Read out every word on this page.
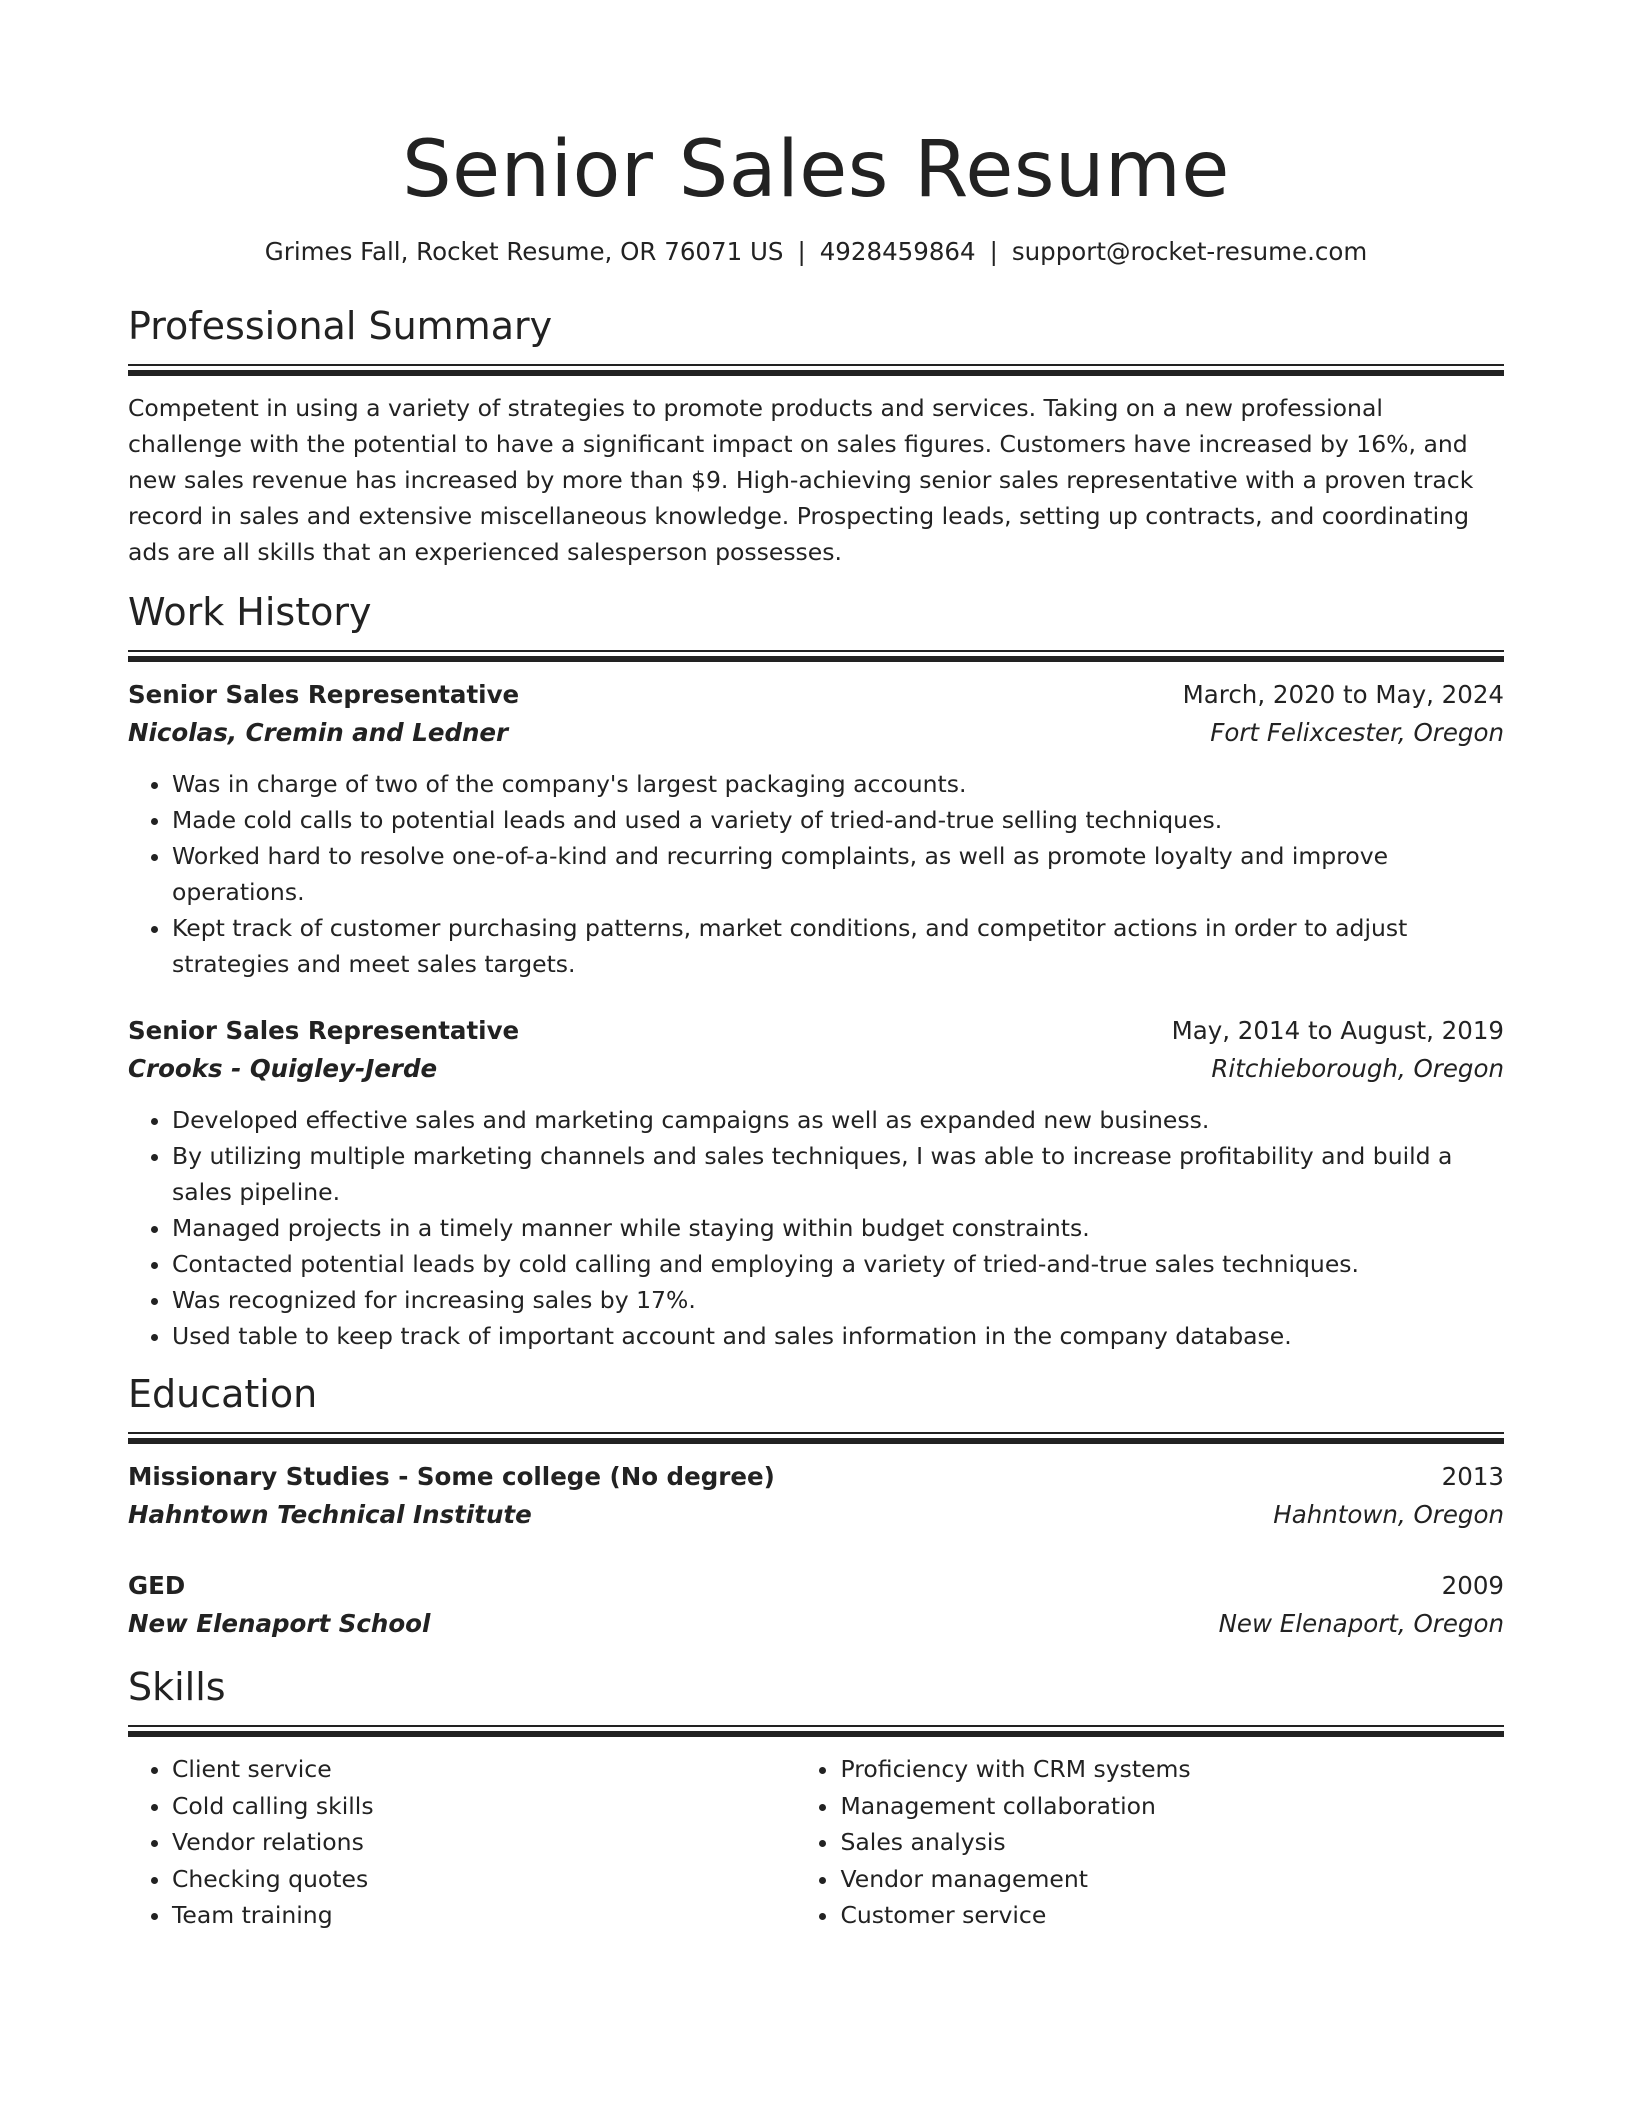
Senior Sales Resume
Grimes Fall, Rocket Resume, OR 76071 US | 4928459864 | support@rocket-resume.com
Professional Summary

Competent in using a variety of strategies to promote products and services. Taking on a new professional challenge with the potential to have a significant impact on sales figures. Customers have increased by 16%, and new sales revenue has increased by more than $9. High-achieving senior sales representative with a proven track record in sales and extensive miscellaneous knowledge. Prospecting leads, setting up contracts, and coordinating ads are all skills that an experienced salesperson possesses.

Work History
Senior Sales Representative	March, 2020 to May, 2024
Nicolas, Cremin and Ledner	Fort Felixcester, Oregon
• Was in charge of two of the company's largest packaging accounts.
• Made cold calls to potential leads and used a variety of tried-and-true selling techniques.
• Worked hard to resolve one-of-a-kind and recurring complaints, as well as promote loyalty and improve operations.
• Kept track of customer purchasing patterns, market conditions, and competitor actions in order to adjust strategies and meet sales targets.
Senior Sales Representative	May, 2014 to August, 2019
Crooks - Quigley-Jerde	Ritchieborough, Oregon
• Developed effective sales and marketing campaigns as well as expanded new business.
• By utilizing multiple marketing channels and sales techniques, I was able to increase profitability and build a sales pipeline.
• Managed projects in a timely manner while staying within budget constraints.
• Contacted potential leads by cold calling and employing a variety of tried-and-true sales techniques.
• Was recognized for increasing sales by 17%.
• Used table to keep track of important account and sales information in the company database.
Education
Missionary Studies - Some college (No degree)	2013
Hahntown Technical Institute	Hahntown, Oregon
GED	2009
New Elenaport School	New Elenaport, Oregon
Skills
• Client service
• Cold calling skills
• Vendor relations
• Checking quotes
• Team training
• Proficiency with CRM systems
• Management collaboration
• Sales analysis
• Vendor management
• Customer service
